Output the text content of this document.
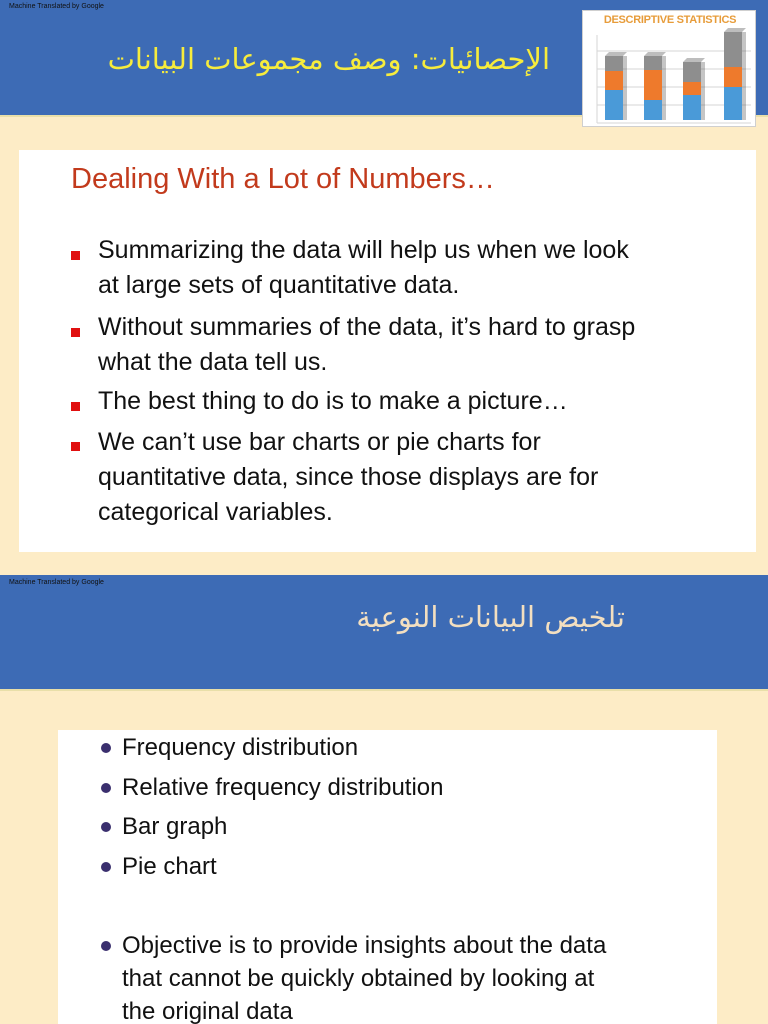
Machine Translated by Google
الإحصائيات: وصف مجموعات البيانات
DESCRIPTIVE STATISTICS
Dealing With a Lot of Numbers…
Summarizing the data will help us when we look
at large sets of quantitative data.
Without summaries of the data, it’s hard to grasp
what the data tell us.
The best thing to do is to make a picture…
We can’t use bar charts or pie charts for
quantitative data, since those displays are for
categorical variables.
Machine Translated by Google
تلخيص البيانات النوعية
Frequency distribution
Relative frequency distribution
Bar graph
Pie chart
Objective is to provide insights about the data
that cannot be quickly obtained by looking at
the original data
